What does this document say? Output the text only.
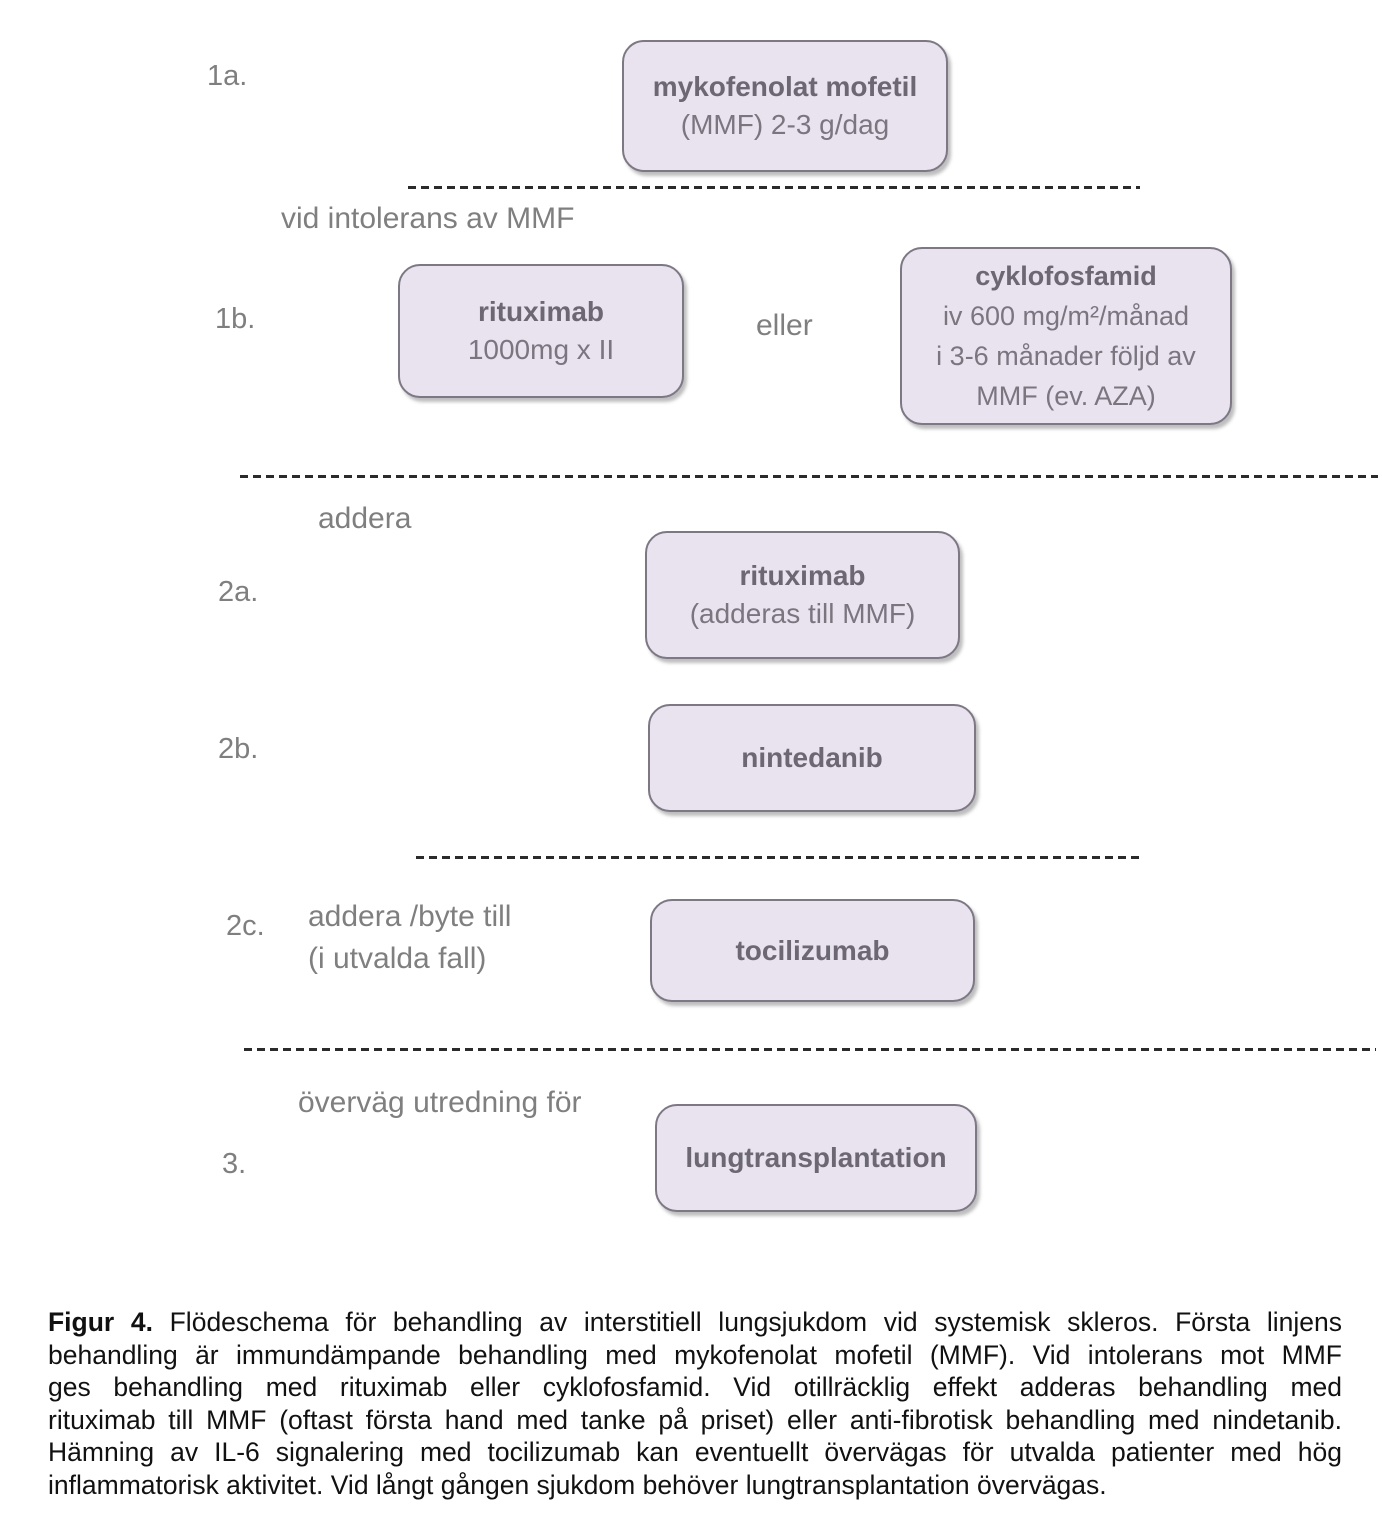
1a.	mykofenolat mofetil
(MMF) 2-3 g/dag
vid intolerans av MMF
1b.	rituximab
1000mg x II
eller
cyklofosfamid
iv 600 mg/m²/månad
i 3-6 månader följd av
MMF (ev. AZA)
addera
2a.
rituximab
(adderas till MMF)
2b.	nintedanib
2c. addera /byte till
(i utvalda fall)	tocilizumab
överväg utredning för
3.	lungtransplantation
Figur 4. Flödeschema för behandling av interstitiell lungsjukdom vid systemisk skleros. Första linjens
behandling är immundämpande behandling med mykofenolat mofetil (MMF). Vid intolerans mot MMF
ges behandling med rituximab eller cyklofosfamid. Vid otillräcklig effekt adderas behandling med
rituximab till MMF (oftast första hand med tanke på priset) eller anti-fibrotisk behandling med nindetanib.
Hämning av IL-6 signalering med tocilizumab kan eventuellt övervägas för utvalda patienter med hög
inflammatorisk aktivitet. Vid långt gången sjukdom behöver lungtransplantation övervägas.
